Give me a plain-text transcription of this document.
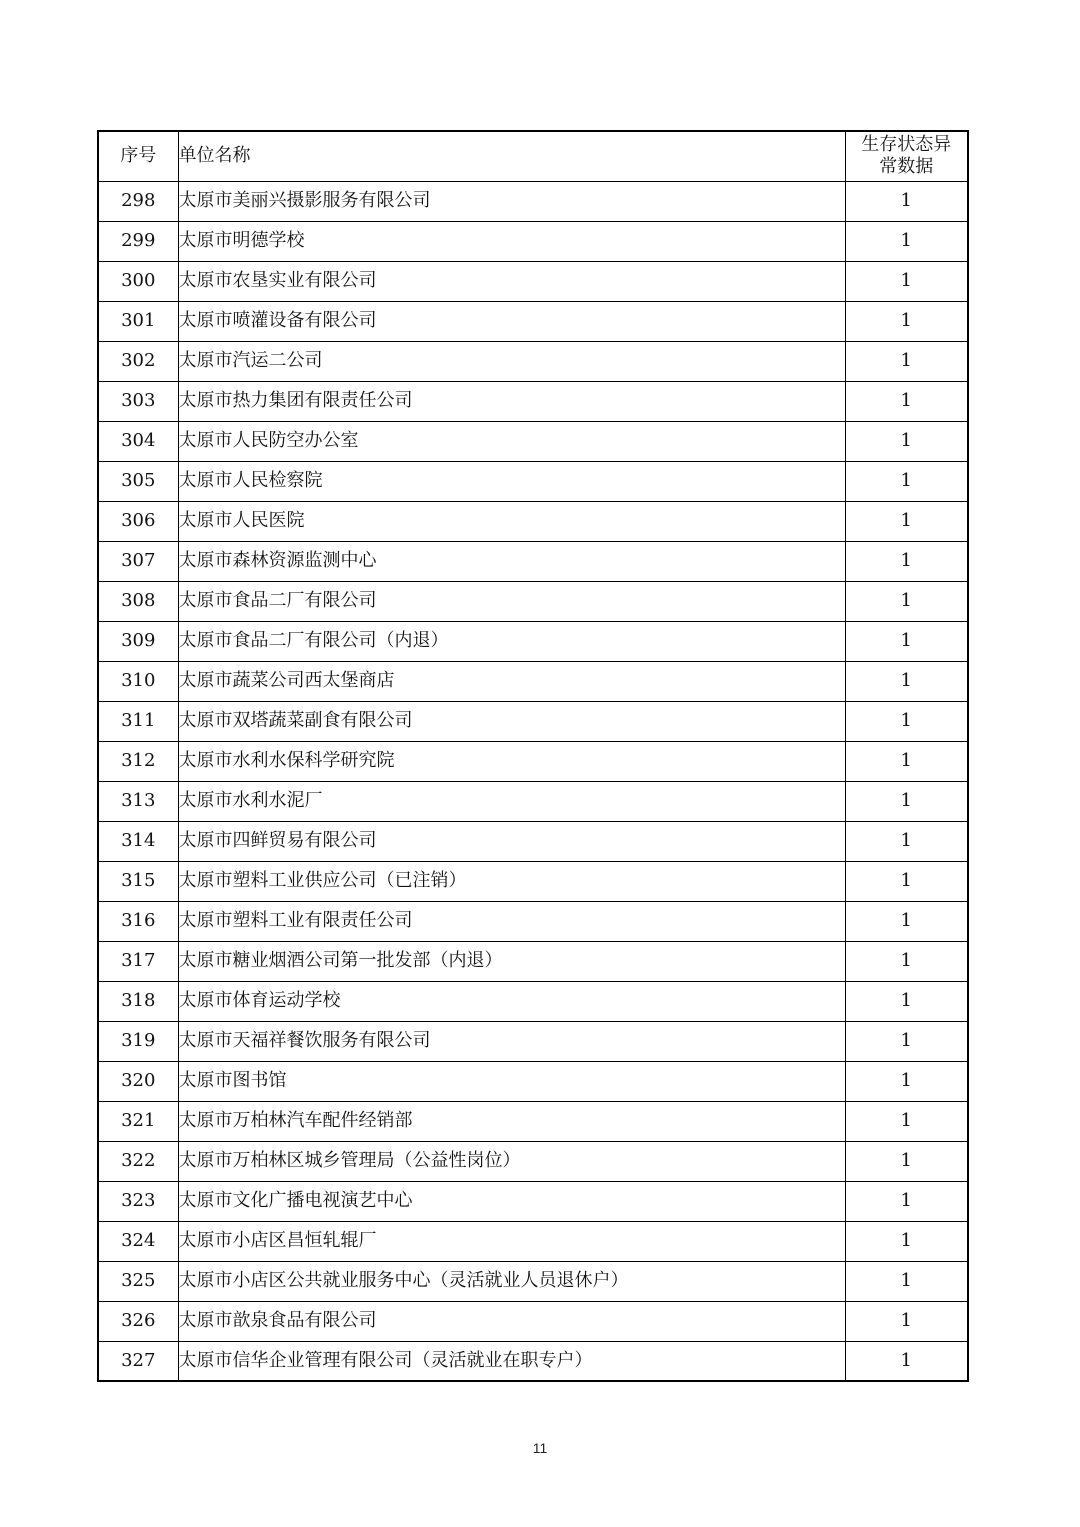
序号	单位名称	生存状态异
常数据

298	太原市美丽兴摄影服务有限公司	1
299	太原市明德学校	1
300	太原市农垦实业有限公司	1
301	太原市喷灌设备有限公司	1
302	太原市汽运二公司	1
303	太原市热力集团有限责任公司	1
304	太原市人民防空办公室	1
305	太原市人民检察院	1
306	太原市人民医院	1
307	太原市森林资源监测中心	1
308	太原市食品二厂有限公司	1
309	太原市食品二厂有限公司（内退）	1
310	太原市蔬菜公司西太堡商店	1
311	太原市双塔蔬菜副食有限公司	1
312	太原市水利水保科学研究院	1
313	太原市水利水泥厂	1
314	太原市四鲜贸易有限公司	1
315	太原市塑料工业供应公司（已注销）	1
316	太原市塑料工业有限责任公司	1
317	太原市糖业烟酒公司第一批发部（内退）	1
318	太原市体育运动学校	1
319	太原市天福祥餐饮服务有限公司	1
320	太原市图书馆	1
321	太原市万柏林汽车配件经销部	1
322	太原市万柏林区城乡管理局（公益性岗位）	1
323	太原市文化广播电视演艺中心	1
324	太原市小店区昌恒轧辊厂	1
325	太原市小店区公共就业服务中心（灵活就业人员退休户）	1
326	太原市歆泉食品有限公司	1
327	太原市信华企业管理有限公司（灵活就业在职专户）	1
11
